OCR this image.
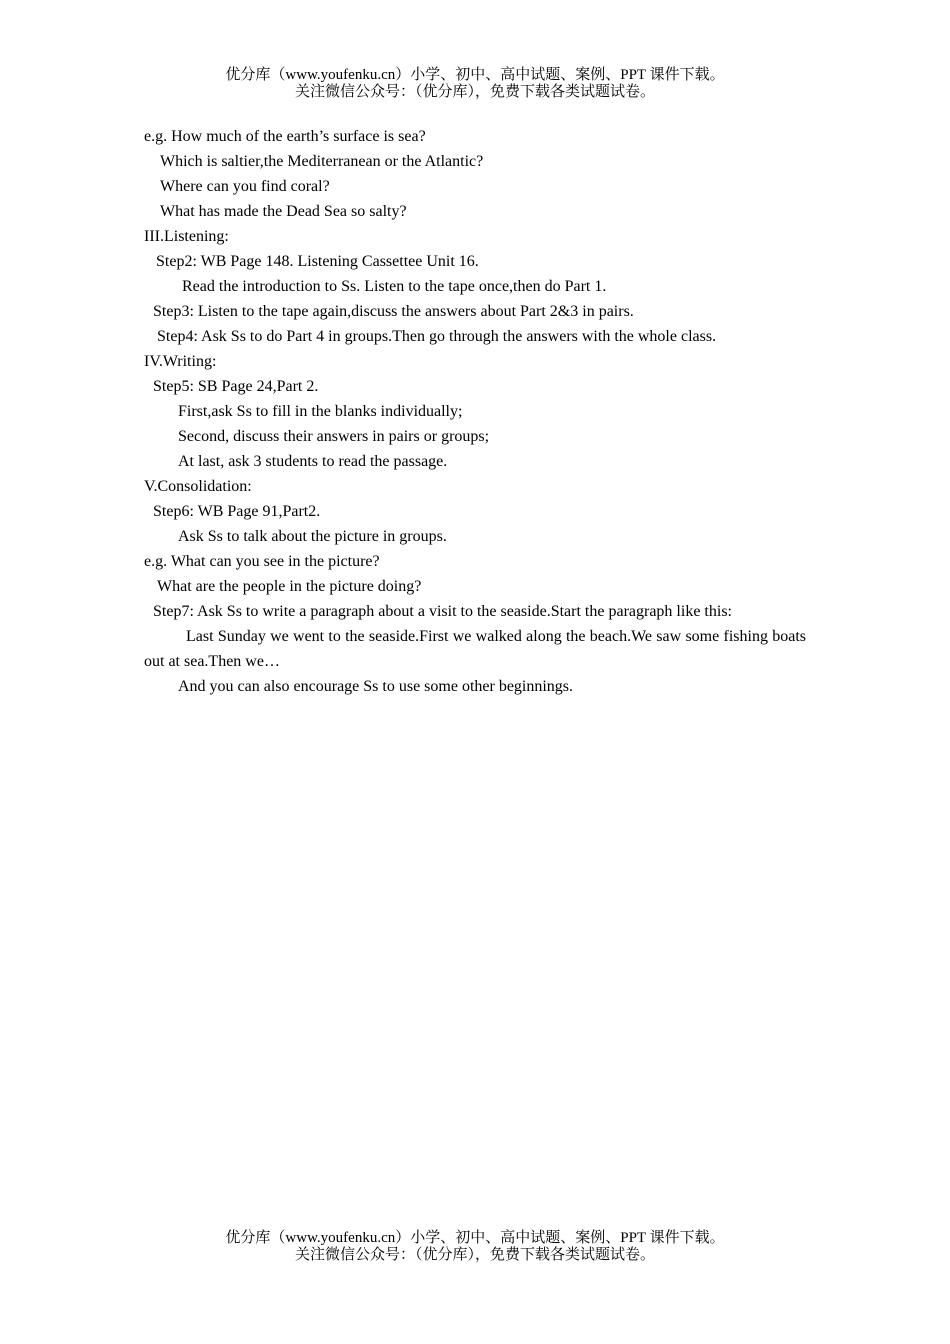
优分库（www.youfenku.cn）小学、初中、高中试题、案例、PPT 课件下载。
关注微信公众号：（优分库），免费下载各类试题试卷。
e.g. How much of the earth’s surface is sea?
Which is saltier,the Mediterranean or the Atlantic?
Where can you find coral?
What has made the Dead Sea so salty?
III.Listening:
Step2: WB Page 148. Listening Cassettee Unit 16.
Read the introduction to Ss. Listen to the tape once,then do Part 1.
Step3: Listen to the tape again,discuss the answers about Part 2&3 in pairs.
Step4: Ask Ss to do Part 4 in groups.Then go through the answers with the whole class.
IV.Writing:
Step5: SB Page 24,Part 2.
First,ask Ss to fill in the blanks individually;
Second, discuss their answers in pairs or groups;
At last, ask 3 students to read the passage.
V.Consolidation:
Step6: WB Page 91,Part2.
Ask Ss to talk about the picture in groups.
e.g. What can you see in the picture?
What are the people in the picture doing?
Step7: Ask Ss to write a paragraph about a visit to the seaside.Start the paragraph like this:
Last Sunday we went to the seaside.First we walked along the beach.We saw some fishing boats out at sea.Then we…
And you can also encourage Ss to use some other beginnings.
优分库（www.youfenku.cn）小学、初中、高中试题、案例、PPT 课件下载。
关注微信公众号：（优分库），免费下载各类试题试卷。
